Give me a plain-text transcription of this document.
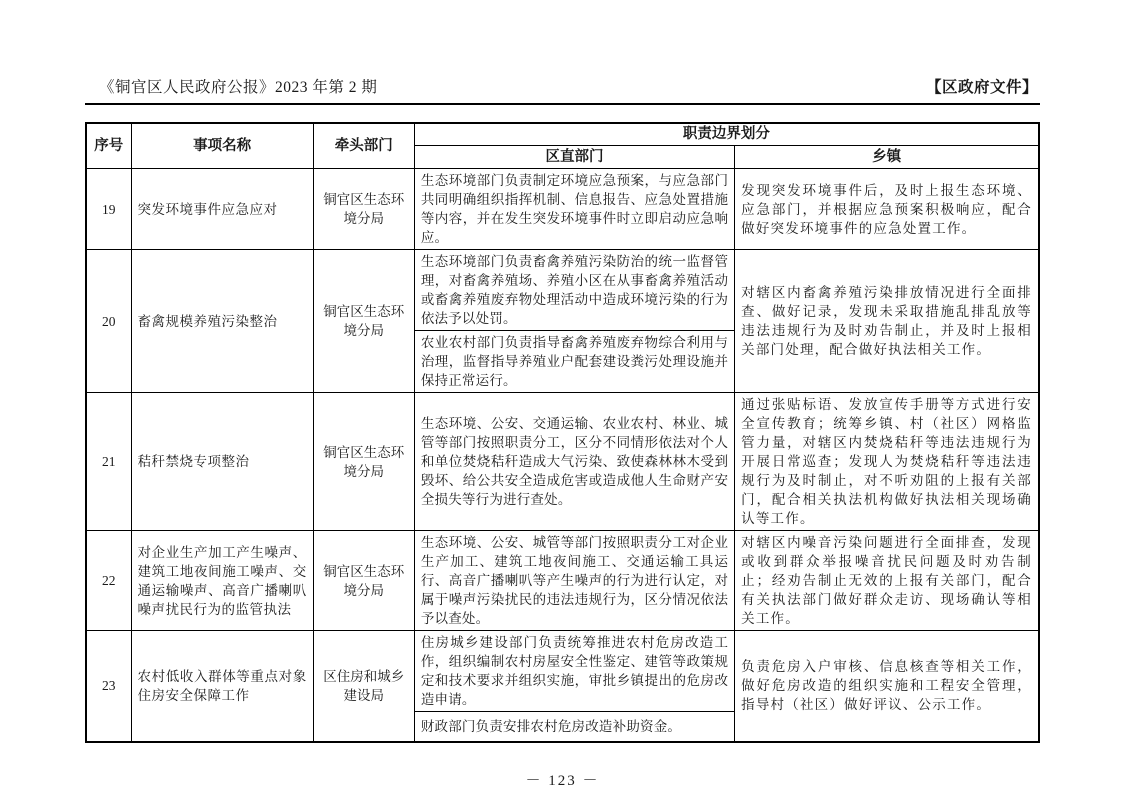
《铜官区人民政府公报》2023 年第 2 期	【区政府文件】
序号	事项名称	牵头部门	职责边界划分	
			区直部门	乡镇
19	突发环境事件应急应对	铜官区生态环境分局	生态环境部门负责制定环境应急预案，与应急部门共同明确组织指挥机制、信息报告、应急处置措施等内容，并在发生突发环境事件时立即启动应急响应。	发现突发环境事件后，及时上报生态环境、应急部门，并根据应急预案积极响应，配合做好突发环境事件的应急处置工作。
20	畜禽规模养殖污染整治	铜官区生态环境分局	生态环境部门负责畜禽养殖污染防治的统一监督管理，对畜禽养殖场、养殖小区在从事畜禽养殖活动或畜禽养殖废弃物处理活动中造成环境污染的行为依法予以处罚。	对辖区内畜禽养殖污染排放情况进行全面排查、做好记录，发现未采取措施乱排乱放等违法违规行为及时劝告制止，并及时上报相关部门处理，配合做好执法相关工作。
			农业农村部门负责指导畜禽养殖废弃物综合利用与治理，监督指导养殖业户配套建设粪污处理设施并保持正常运行。	
21	秸秆禁烧专项整治	铜官区生态环境分局	生态环境、公安、交通运输、农业农村、林业、城管等部门按照职责分工，区分不同情形依法对个人和单位焚烧秸秆造成大气污染、致使森林林木受到毁坏、给公共安全造成危害或造成他人生命财产安全损失等行为进行查处。	通过张贴标语、发放宣传手册等方式进行安全宣传教育；统筹乡镇、村（社区）网格监管力量，对辖区内焚烧秸秆等违法违规行为开展日常巡查；发现人为焚烧秸秆等违法违规行为及时制止，对不听劝阻的上报有关部门，配合相关执法机构做好执法相关现场确认等工作。
22	对企业生产加工产生噪声、建筑工地夜间施工噪声、交通运输噪声、高音广播喇叭噪声扰民行为的监管执法	铜官区生态环境分局	生态环境、公安、城管等部门按照职责分工对企业生产加工、建筑工地夜间施工、交通运输工具运行、高音广播喇叭等产生噪声的行为进行认定，对属于噪声污染扰民的违法违规行为，区分情况依法予以查处。	对辖区内噪音污染问题进行全面排查，发现或收到群众举报噪音扰民问题及时劝告制止；经劝告制止无效的上报有关部门，配合有关执法部门做好群众走访、现场确认等相关工作。
23	农村低收入群体等重点对象住房安全保障工作	区住房和城乡建设局	住房城乡建设部门负责统筹推进农村危房改造工作，组织编制农村房屋安全性鉴定、建管等政策规定和技术要求并组织实施，审批乡镇提出的危房改造申请。	负责危房入户审核、信息核查等相关工作，做好危房改造的组织实施和工程安全管理，指导村（社区）做好评议、公示工作。
			财政部门负责安排农村危房改造补助资金。	
－ 123 －
